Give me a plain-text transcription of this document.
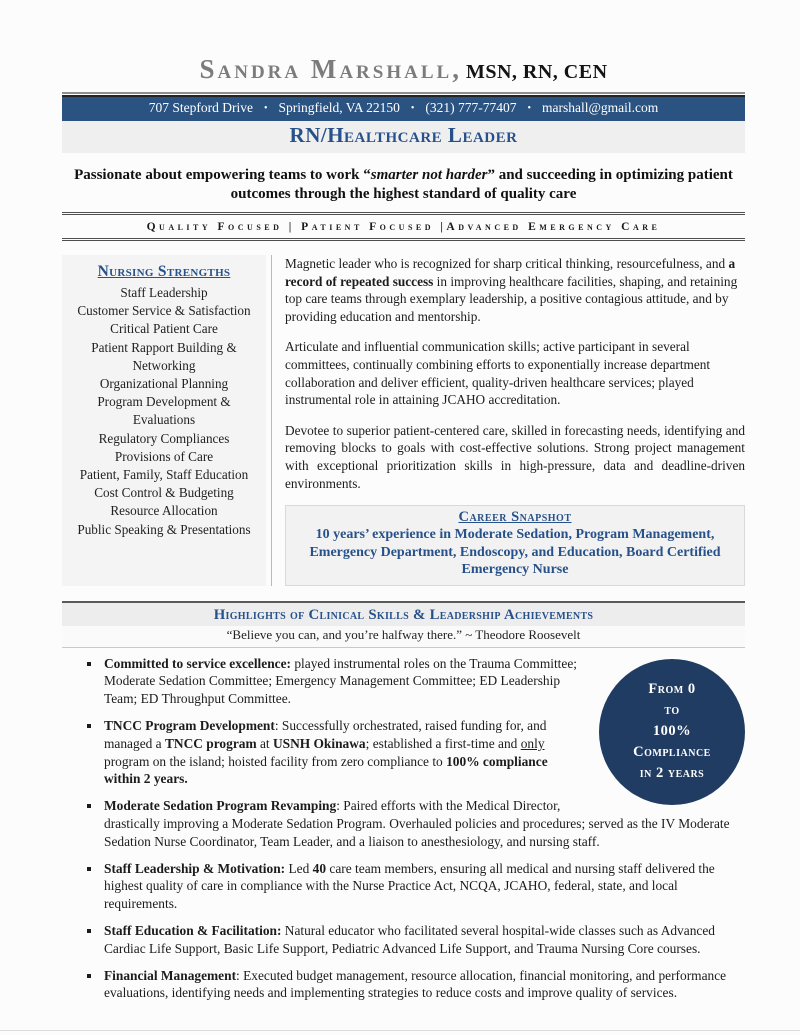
Sandra Marshall, MSN, RN, CEN
707 Stepford Drive • Springfield, VA 22150 • (321) 777-77407 • marshall@gmail.com
RN/Healthcare Leader
Passionate about empowering teams to work “smarter not harder” and succeeding in optimizing patient outcomes through the highest standard of quality care
Quality Focused | Patient Focused |Advanced Emergency Care
Nursing Strengths
Staff Leadership
Customer Service & Satisfaction
Critical Patient Care
Patient Rapport Building & Networking
Organizational Planning
Program Development & Evaluations
Regulatory Compliances
Provisions of Care
Patient, Family, Staff Education
Cost Control & Budgeting
Resource Allocation
Public Speaking & Presentations

Magnetic leader who is recognized for sharp critical thinking, resourcefulness, and a record of repeated success in improving healthcare facilities, shaping, and retaining top care teams through exemplary leadership, a positive contagious attitude, and by providing education and mentorship.

Articulate and influential communication skills; active participant in several committees, continually combining efforts to exponentially increase department collaboration and deliver efficient, quality-driven healthcare services; played instrumental role in attaining JCAHO accreditation.

Devotee to superior patient-centered care, skilled in forecasting needs, identifying and removing blocks to goals with cost-effective solutions. Strong project management with exceptional prioritization skills in high-pressure, data and deadline-driven environments.

Career Snapshot
10 years’ experience in Moderate Sedation, Program Management, Emergency Department, Endoscopy, and Education, Board Certified Emergency Nurse
Highlights of Clinical Skills & Leadership Achievements
“Believe you can, and you’re halfway there.” ~ Theodore Roosevelt
From 0
to
100%
Compliance
in 2 years
▪ Committed to service excellence: played instrumental roles on the Trauma Committee; Moderate Sedation Committee; Emergency Management Committee; ED Leadership Team; ED Throughput Committee.
▪ TNCC Program Development: Successfully orchestrated, raised funding for, and managed a TNCC program at USNH Okinawa; established a first-time and only program on the island; hoisted facility from zero compliance to 100% compliance within 2 years.
▪ Moderate Sedation Program Revamping: Paired efforts with the Medical Director, drastically improving a Moderate Sedation Program. Overhauled policies and procedures; served as the IV Moderate Sedation Nurse Coordinator, Team Leader, and a liaison to anesthesiology, and nursing staff.
▪ Staff Leadership & Motivation: Led 40 care team members, ensuring all medical and nursing staff delivered the highest quality of care in compliance with the Nurse Practice Act, NCQA, JCAHO, federal, state, and local requirements.
▪ Staff Education & Facilitation: Natural educator who facilitated several hospital-wide classes such as Advanced Cardiac Life Support, Basic Life Support, Pediatric Advanced Life Support, and Trauma Nursing Core courses.
▪ Financial Management: Executed budget management, resource allocation, financial monitoring, and performance evaluations, identifying needs and implementing strategies to reduce costs and improve quality of services.
